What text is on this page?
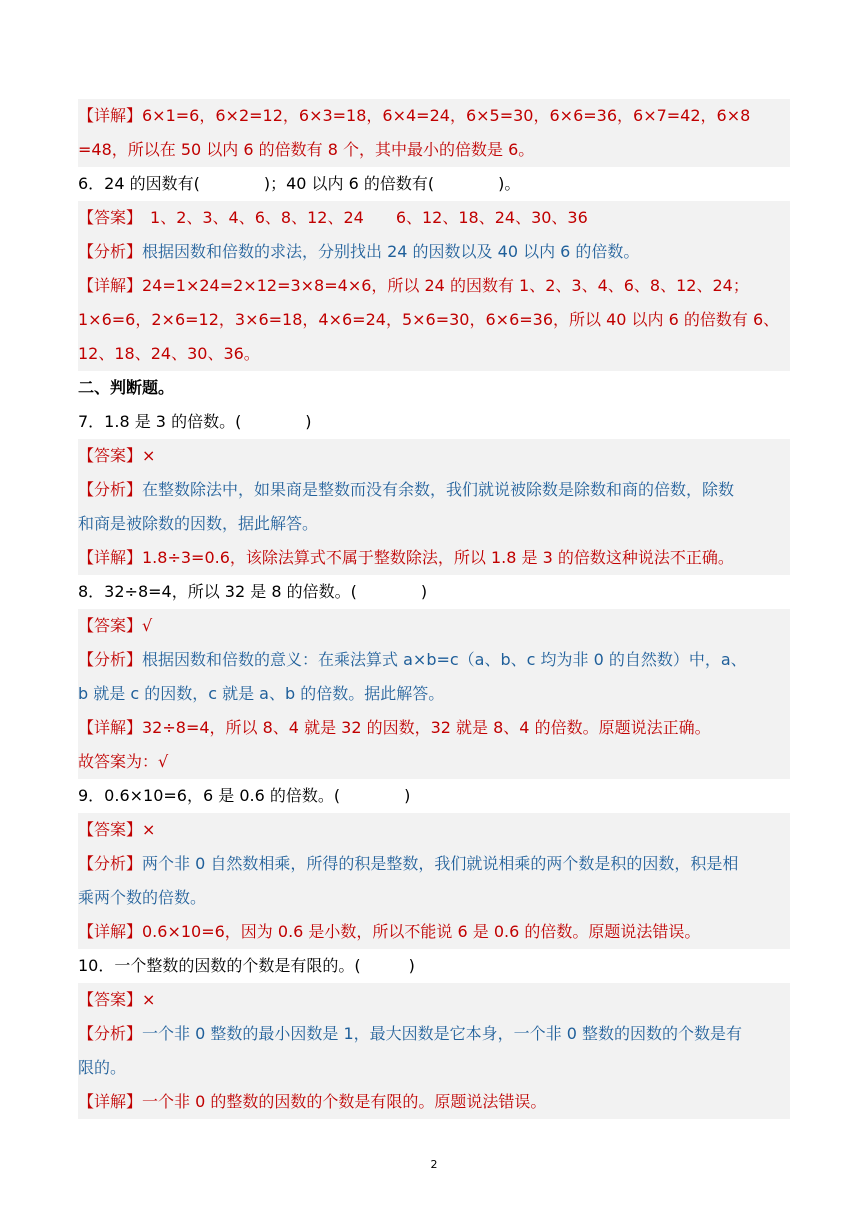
【详解】6×1=6，6×2=12，6×3=18，6×4=24，6×5=30，6×6=36，6×7=42，6×8
=48，所以在 50 以内 6 的倍数有 8 个，其中最小的倍数是 6。
6．24 的因数有(　　　　)；40 以内 6 的倍数有(　　　　)。
【答案】　1、2、3、4、6、8、12、24　　6、12、18、24、30、36
【分析】根据因数和倍数的求法，分别找出 24 的因数以及 40 以内 6 的倍数。
【详解】24=1×24=2×12=3×8=4×6，所以 24 的因数有 1、2、3、4、6、8、12、24；
1×6=6，2×6=12，3×6=18，4×6=24，5×6=30，6×6=36，所以 40 以内 6 的倍数有 6、
12、18、24、30、36。
二、判断题。
7．1.8 是 3 的倍数。(　　　　)
【答案】×
【分析】在整数除法中，如果商是整数而没有余数，我们就说被除数是除数和商的倍数，除数
和商是被除数的因数，据此解答。
【详解】1.8÷3=0.6，该除法算式不属于整数除法，所以 1.8 是 3 的倍数这种说法不正确。
8．32÷8=4，所以 32 是 8 的倍数。(　　　　)
【答案】√
【分析】根据因数和倍数的意义：在乘法算式 a×b=c（a、b、c 均为非 0 的自然数）中，a、
b 就是 c 的因数，c 就是 a、b 的倍数。据此解答。
【详解】32÷8=4，所以 8、4 就是 32 的因数，32 就是 8、4 的倍数。原题说法正确。
故答案为：√
9．0.6×10=6，6 是 0.6 的倍数。(　　　　)
【答案】×
【分析】两个非 0 自然数相乘，所得的积是整数，我们就说相乘的两个数是积的因数，积是相
乘两个数的倍数。
【详解】0.6×10=6，因为 0.6 是小数，所以不能说 6 是 0.6 的倍数。原题说法错误。
10．一个整数的因数的个数是有限的。(　　　)
【答案】×
【分析】一个非 0 整数的最小因数是 1，最大因数是它本身，一个非 0 整数的因数的个数是有
限的。
【详解】一个非 0 的整数的因数的个数是有限的。原题说法错误。
2
